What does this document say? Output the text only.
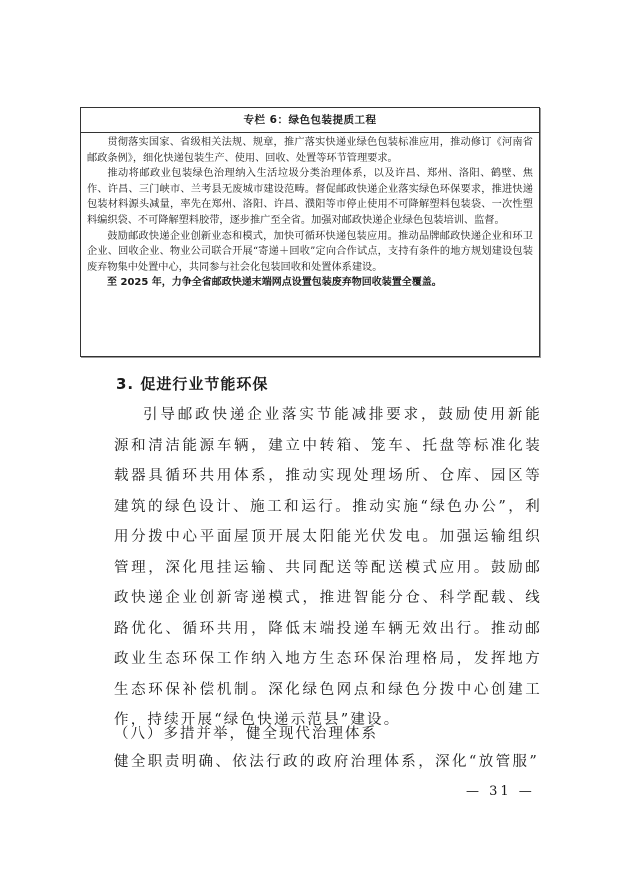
专栏 6：绿色包装提质工程

贯彻落实国家、省级相关法规、规章，推广落实快递业绿色包装标准应用，推动修订《河南省邮政条例》，细化快递包装生产、使用、回收、处置等环节管理要求。

推动将邮政业包装绿色治理纳入生活垃圾分类治理体系，以及许昌、郑州、洛阳、鹤壁、焦作、许昌、三门峡市、兰考县无废城市建设范畴。督促邮政快递企业落实绿色环保要求，推进快递包装材料源头减量，率先在郑州、洛阳、许昌、濮阳等市停止使用不可降解塑料包装袋、一次性塑料编织袋、不可降解塑料胶带，逐步推广至全省。加强对邮政快递企业绿色包装培训、监督。

鼓励邮政快递企业创新业态和模式，加快可循环快递包装应用。推动品牌邮政快递企业和环卫企业、回收企业、物业公司联合开展“寄递＋回收”定向合作试点，支持有条件的地方规划建设包装废弃物集中处置中心，共同参与社会化包装回收和处置体系建设。

至 2025 年，力争全省邮政快递末端网点设置包装废弃物回收装置全覆盖。

3. 促进行业节能环保

引导邮政快递企业落实节能减排要求，鼓励使用新能源和清洁能源车辆，建立中转箱、笼车、托盘等标准化装载器具循环共用体系，推动实现处理场所、仓库、园区等建筑的绿色设计、施工和运行。推动实施“绿色办公”，利用分拨中心平面屋顶开展太阳能光伏发电。加强运输组织管理，深化甩挂运输、共同配送等配送模式应用。鼓励邮政快递企业创新寄递模式，推进智能分仓、科学配载、线路优化、循环共用，降低末端投递车辆无效出行。推动邮政业生态环保工作纳入地方生态环保治理格局，发挥地方生态环保补偿机制。深化绿色网点和绿色分拨中心创建工作，持续开展“绿色快递示范县”建设。

（八）多措并举，健全现代治理体系
健全职责明确、依法行政的政府治理体系，深化“放管服”
— 31 —
